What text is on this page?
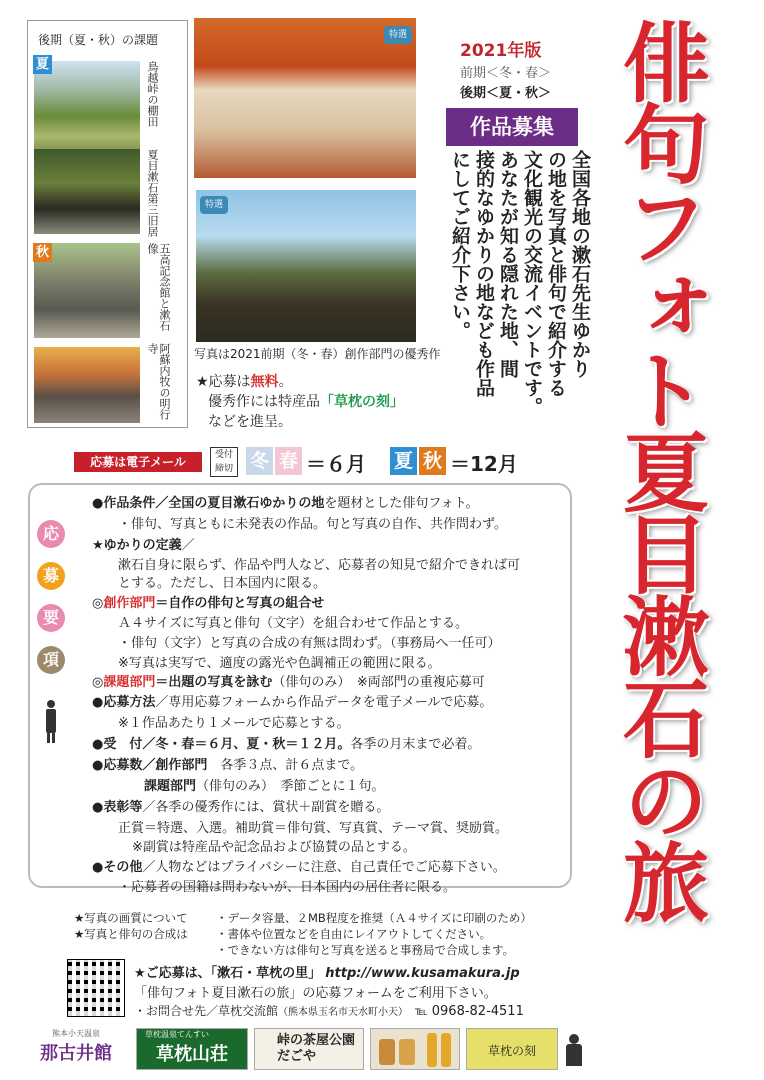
後期（夏・秋）の課題
夏	鳥越峠の棚田
夏目漱石第三旧居
秋	五高記念館と漱石像
阿蘇内牧の明行寺
特選
特選
写真は2021前期（冬・春）創作部門の優秀作
★応募は無料。
優秀作には特産品「草枕の刻」
などを進呈。
2021年版
前期＜冬・春＞
後期＜夏・秋＞
作品募集
全国各地の漱石先生ゆかり
の地を写真と俳句で紹介する
文化観光の交流イベントです。
あなたが知る隠れた地、間
接的なゆかりの地なども作品
にしてご紹介下さい。 俳句フォト夏目漱石の旅
応募は電子メール	受付
締切 冬 春 ＝６月 夏 秋 ＝12月
応
募
要
項
●作品条件／全国の夏目漱石ゆかりの地を題材とした俳句フォト。
・俳句、写真ともに未発表の作品。句と写真の自作、共作問わず。
★ゆかりの定義／
漱石自身に限らず、作品や門人など、応募者の知見で紹介できれば可
とする。ただし、日本国内に限る。
◎創作部門＝自作の俳句と写真の組合せ
Ａ４サイズに写真と俳句（文字）を組合わせて作品とする。
・俳句（文字）と写真の合成の有無は問わず。（事務局へ一任可）
※写真は実写で、適度の露光や色調補正の範囲に限る。
◎課題部門＝出題の写真を詠む（俳句のみ）　※両部門の重複応募可
●応募方法／専用応募フォームから作品データを電子メールで応募。
※１作品あたり１メールで応募とする。
●受　付／冬・春＝６月、夏・秋＝１２月。各季の月末まで必着。
●応募数／創作部門　各季３点、計６点まで。
　　　　課題部門（俳句のみ）　季節ごとに１句。
●表彰等／各季の優秀作には、賞状＋副賞を贈る。
正賞＝特選、入選。補助賞＝俳句賞、写真賞、テーマ賞、奨励賞。
※副賞は特産品や記念品および協賛の品とする。
●その他／人物などはプライバシーに注意、自己責任でご応募下さい。
・応募者の国籍は問わないが、日本国内の居住者に限る。
★写真の画質について
★写真と俳句の合成は
・データ容量、２MB程度を推奨（Ａ４サイズに印刷のため）
・書体や位置などを自由にレイアウトしてください。
・できない方は俳句と写真を送ると事務局で合成します。
★ご応募は、「漱石・草枕の里」 http://www.kusamakura.jp
「俳句フォト夏目漱石の旅」の応募フォームをご利用下さい。
・お問合せ先／草枕交流館（熊本県玉名市天水町小天）　 ℡ 0968-82-4511
熊本小天温泉
那古井館
草枕温泉てんすい
草枕山荘
峠の茶屋公園 だごや	草枕の刻
